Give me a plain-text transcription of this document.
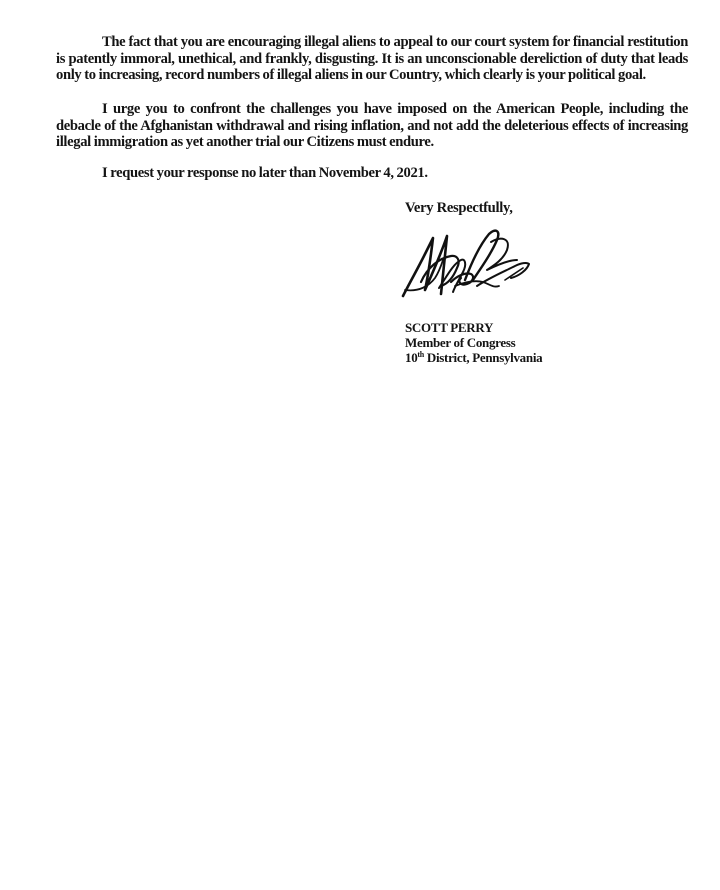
The fact that you are encouraging illegal aliens to appeal to our court system for financial restitution is patently immoral, unethical, and frankly, disgusting. It is an unconscionable dereliction of duty that leads only to increasing, record numbers of illegal aliens in our Country, which clearly is your political goal.

I urge you to confront the challenges you have imposed on the American People, including the debacle of the Afghanistan withdrawal and rising inflation, and not add the deleterious effects of increasing illegal immigration as yet another trial our Citizens must endure.

I request your response no later than November 4, 2021.

Very Respectfully,

SCOTT PERRY
Member of Congress
10th District, Pennsylvania
